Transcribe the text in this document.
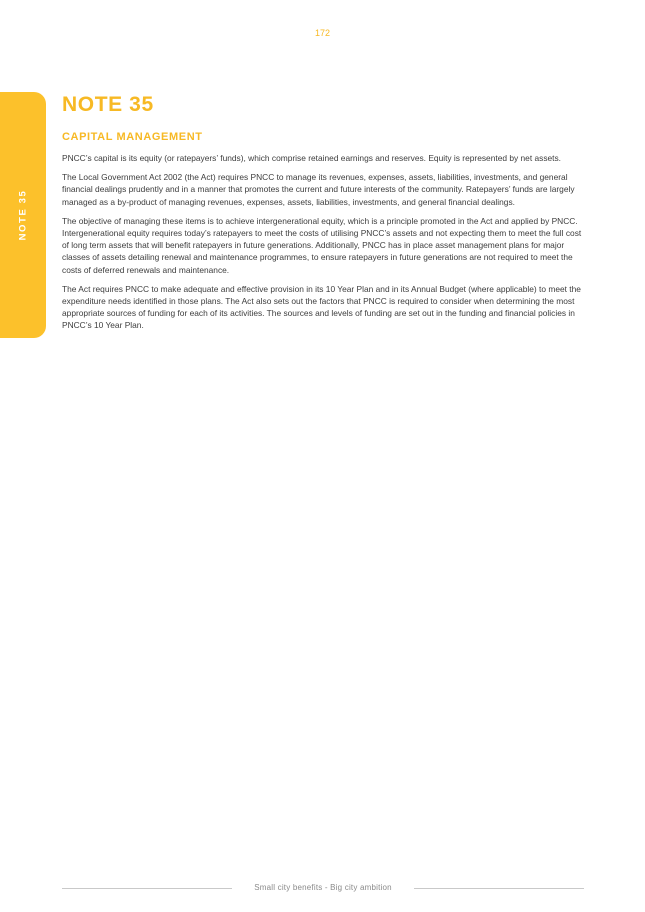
172
NOTE 35
NOTE 35
CAPITAL MANAGEMENT

PNCC’s capital is its equity (or ratepayers’ funds), which comprise retained earnings and reserves. Equity is represented by net assets.

The Local Government Act 2002 (the Act) requires PNCC to manage its revenues, expenses, assets, liabilities, investments, and general financial dealings prudently and in a manner that promotes the current and future interests of the community. Ratepayers’ funds are largely managed as a by-product of managing revenues, expenses, assets, liabilities, investments, and general financial dealings.

The objective of managing these items is to achieve intergenerational equity, which is a principle promoted in the Act and applied by PNCC. Intergenerational equity requires today’s ratepayers to meet the costs of utilising PNCC’s assets and not expecting them to meet the full cost of long term assets that will benefit ratepayers in future generations. Additionally, PNCC has in place asset management plans for major classes of assets detailing renewal and maintenance programmes, to ensure ratepayers in future generations are not required to meet the costs of deferred renewals and maintenance.

The Act requires PNCC to make adequate and effective provision in its 10 Year Plan and in its Annual Budget (where applicable) to meet the expenditure needs identified in those plans. The Act also sets out the factors that PNCC is required to consider when determining the most appropriate sources of funding for each of its activities. The sources and levels of funding are set out in the funding and financial policies in PNCC’s 10 Year Plan.

Small city benefits - Big city ambition
